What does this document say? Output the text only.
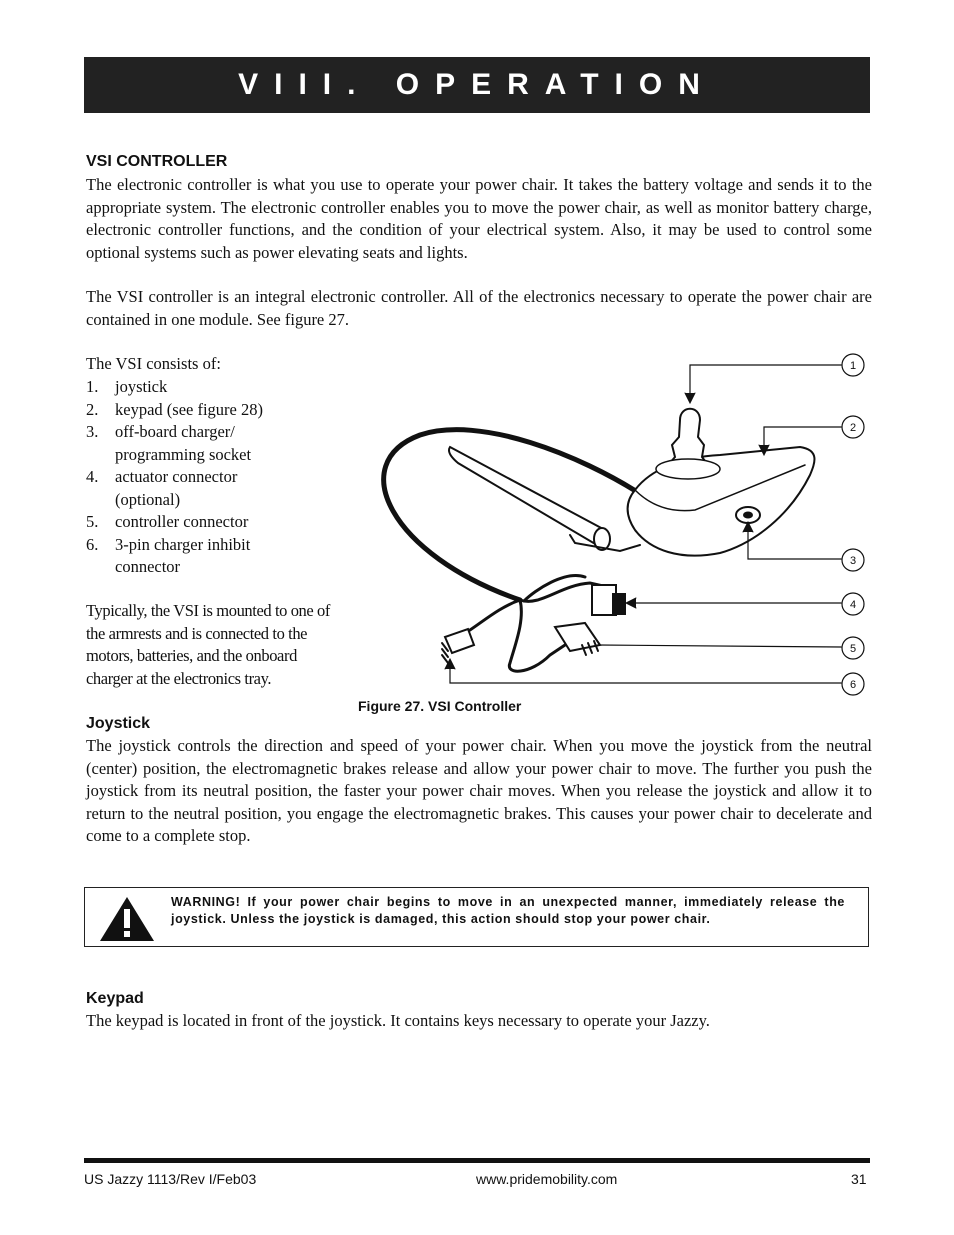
VIII. OPERATION
VSI CONTROLLER

The electronic controller is what you use to operate your power chair. It takes the battery voltage and sends it to the appropriate system. The electronic controller enables you to move the power chair, as well as monitor battery charge, electronic controller functions, and the condition of your electrical system. Also, it may be used to control some optional systems such as power elevating seats and lights.

The VSI controller is an integral electronic controller. All of the electronics necessary to operate the power chair are contained in one module. See figure 27.

The VSI consists of:
1.	joystick
2.	keypad (see figure 28)
3.	off-board charger/ programming socket
4.	actuator connector (optional)
5.	controller connector
6.	3-pin charger inhibit connector

Typically, the VSI is mounted to one of the armrests and is connected to the motors, batteries, and the onboard charger at the electronics tray.

1
2
3
4
5
6
Figure 27. VSI Controller
Joystick

The joystick controls the direction and speed of your power chair. When you move the joystick from the neutral (center) position, the electromagnetic brakes release and allow your power chair to move. The further you push the joystick from its neutral position, the faster your power chair moves. When you release the joystick and allow it to return to the neutral position, you engage the electromagnetic brakes. This causes your power chair to decelerate and come to a complete stop.

WARNING! If your power chair begins to move in an unexpected manner, immediately release the joystick. Unless the joystick is damaged, this action should stop your power chair.

Keypad

The keypad is located in front of the joystick. It contains keys necessary to operate your Jazzy.

US Jazzy 1113/Rev I/Feb03	www.pridemobility.com	31
